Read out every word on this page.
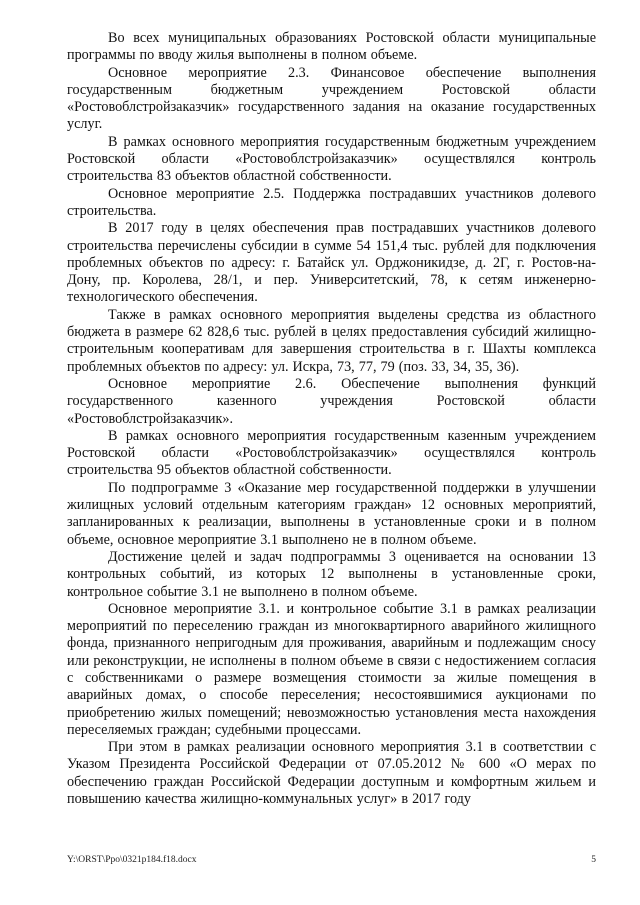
Во всех муниципальных образованиях Ростовской области муниципальные программы по вводу жилья выполнены в полном объеме.

Основное мероприятие 2.3. Финансовое обеспечение выполнения государственным бюджетным учреждением Ростовской области «Ростовоблстройзаказчик» государственного задания на оказание государственных услуг.

В рамках основного мероприятия государственным бюджетным учреждением Ростовской области «Ростовоблстройзаказчик» осуществлялся контроль строительства 83 объектов областной собственности.

Основное мероприятие 2.5. Поддержка пострадавших участников долевого строительства.

В 2017 году в целях обеспечения прав пострадавших участников долевого строительства перечислены субсидии в сумме 54 151,4 тыс. рублей для подключения проблемных объектов по адресу: г. Батайск ул. Орджоникидзе, д. 2Г, г. Ростов-на-Дону, пр. Королева, 28/1, и пер. Университетский, 78, к сетям инженерно-технологического обеспечения.

Также в рамках основного мероприятия выделены средства из областного бюджета в размере 62 828,6 тыс. рублей в целях предоставления субсидий жилищно-строительным кооперативам для завершения строительства в г. Шахты комплекса проблемных объектов по адресу: ул. Искра, 73, 77, 79 (поз. 33, 34, 35, 36).

Основное мероприятие 2.6. Обеспечение выполнения функций государственного казенного учреждения Ростовской области «Ростовоблстройзаказчик».

В рамках основного мероприятия государственным казенным учреждением Ростовской области «Ростовоблстройзаказчик» осуществлялся контроль строительства 95 объектов областной собственности.

По подпрограмме 3 «Оказание мер государственной поддержки в улучшении жилищных условий отдельным категориям граждан» 12 основных мероприятий, запланированных к реализации, выполнены в установленные сроки и в полном объеме, основное мероприятие 3.1 выполнено не в полном объеме.

Достижение целей и задач подпрограммы 3 оценивается на основании 13 контрольных событий, из которых 12 выполнены в установленные сроки, контрольное событие 3.1 не выполнено в полном объеме.

Основное мероприятие 3.1. и контрольное событие 3.1 в рамках реализации мероприятий по переселению граждан из многоквартирного аварийного жилищного фонда, признанного непригодным для проживания, аварийным и подлежащим сносу или реконструкции, не исполнены в полном объеме в связи с недостижением согласия с собственниками о размере возмещения стоимости за жилые помещения в аварийных домах, о способе переселения; несостоявшимися аукционами по приобретению жилых помещений; невозможностью установления места нахождения переселяемых граждан; судебными процессами.

При этом в рамках реализации основного мероприятия 3.1 в соответствии с Указом Президента Российской Федерации от 07.05.2012 № 600 «О мерах по обеспечению граждан Российской Федерации доступным и комфортным жильем и повышению качества жилищно-коммунальных услуг» в 2017 году

Y:\ORST\Ppo\0321p184.f18.docx	5
